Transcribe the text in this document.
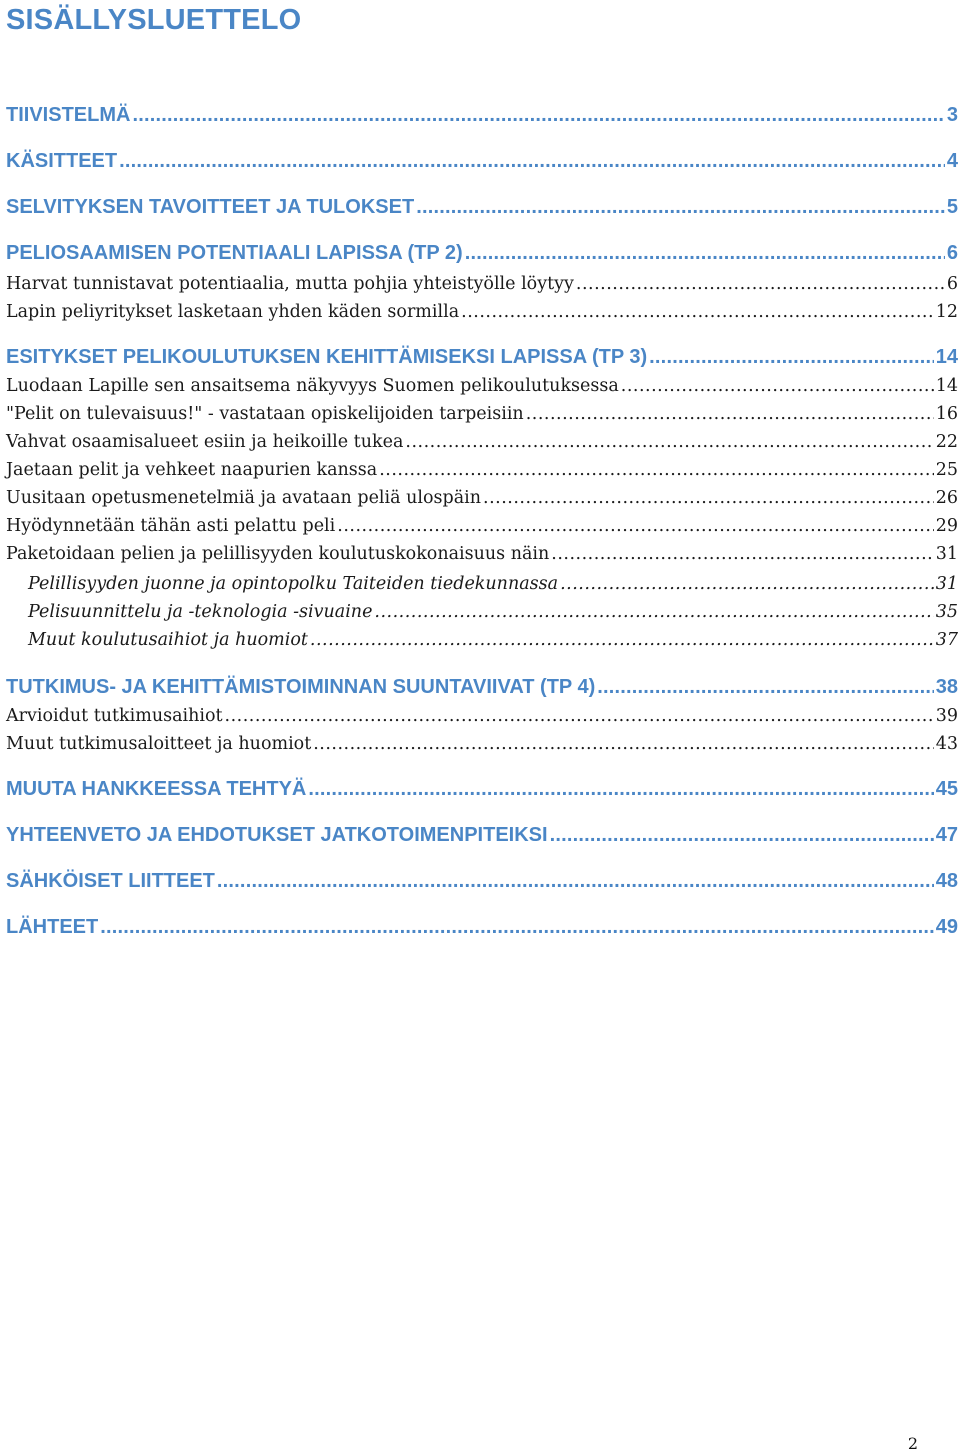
SISÄLLYSLUETTELO
TIIVISTELMÄ .....	3
KÄSITTEET .....	4
SELVITYKSEN TAVOITTEET JA TULOKSET .....	5
PELIOSAAMISEN POTENTIAALI LAPISSA (TP 2) .....	6
Harvat tunnistavat potentiaalia, mutta pohjia yhteistyölle löytyy .....	6
Lapin peliyritykset lasketaan yhden käden sormilla .....	12
ESITYKSET PELIKOULUTUKSEN KEHITTÄMISEKSI LAPISSA (TP 3) .....	14
Luodaan Lapille sen ansaitsema näkyvyys Suomen pelikoulutuksessa .....	14
"Pelit on tulevaisuus!" - vastataan opiskelijoiden tarpeisiin .....	16
Vahvat osaamisalueet esiin ja heikoille tukea .....	22
Jaetaan pelit ja vehkeet naapurien kanssa .....	25
Uusitaan opetusmenetelmiä ja avataan peliä ulospäin .....	26
Hyödynnetään tähän asti pelattu peli .....	29
Paketoidaan pelien ja pelillisyyden koulutuskokonaisuus näin .....	31
Pelillisyyden juonne ja opintopolku Taiteiden tiedekunnassa .....	31
Pelisuunnittelu ja -teknologia -sivuaine .....	35
Muut koulutusaihiot ja huomiot .....	37
TUTKIMUS- JA KEHITTÄMISTOIMINNAN SUUNTAVIIVAT (TP 4) .....	38
Arvioidut tutkimusaihiot .....	39
Muut tutkimusaloitteet ja huomiot .....	43
MUUTA HANKKEESSA TEHTYÄ .....	45
YHTEENVETO JA EHDOTUKSET JATKOTOIMENPITEIKSI .....	47
SÄHKÖISET LIITTEET .....	48
LÄHTEET .....	49
2
